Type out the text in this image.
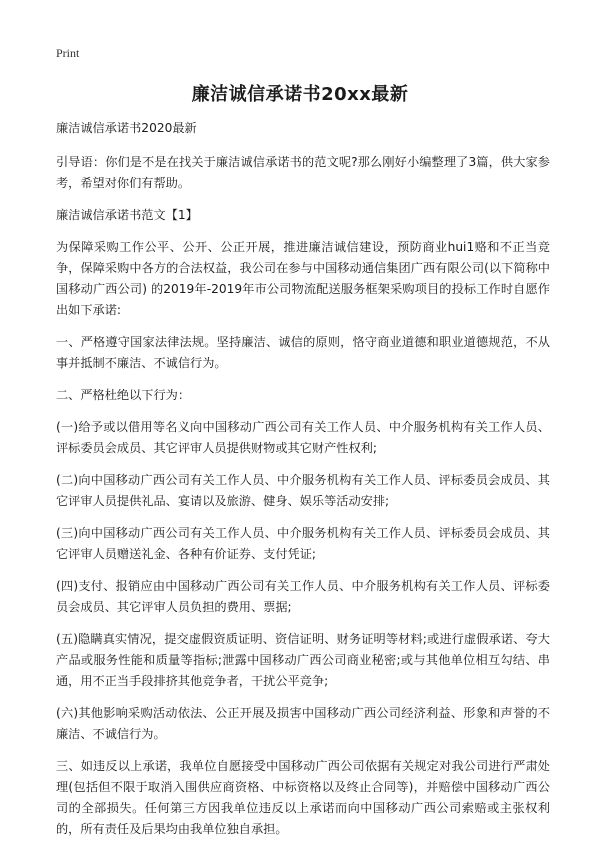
Print
廉洁诚信承诺书20xx最新

廉洁诚信承诺书2020最新

引导语：你们是不是在找关于廉洁诚信承诺书的范文呢?那么刚好小编整理了3篇，供大家参考，希望对你们有帮助。

廉洁诚信承诺书范文【1】

为保障采购工作公平、公开、公正开展，推进廉洁诚信建设，预防商业hui1赂和不正当竞争，保障采购中各方的合法权益，我公司在参与中国移动通信集团广西有限公司(以下简称中国移动广西公司) 的2019年-2019年市公司物流配送服务框架采购项目的投标工作时自愿作出如下承诺:

一、严格遵守国家法律法规。坚持廉洁、诚信的原则，恪守商业道德和职业道德规范，不从事并抵制不廉洁、不诚信行为。

二、严格杜绝以下行为：

(一)给予或以借用等名义向中国移动广西公司有关工作人员、中介服务机构有关工作人员、评标委员会成员、其它评审人员提供财物或其它财产性权利;

(二)向中国移动广西公司有关工作人员、中介服务机构有关工作人员、评标委员会成员、其它评审人员提供礼品、宴请以及旅游、健身、娱乐等活动安排;

(三)向中国移动广西公司有关工作人员、中介服务机构有关工作人员、评标委员会成员、其它评审人员赠送礼金、各种有价证券、支付凭证;

(四)支付、报销应由中国移动广西公司有关工作人员、中介服务机构有关工作人员、评标委员会成员、其它评审人员负担的费用、票据;

(五)隐瞒真实情况，提交虚假资质证明、资信证明、财务证明等材料;或进行虚假承诺、夸大产品或服务性能和质量等指标;泄露中国移动广西公司商业秘密;或与其他单位相互勾结、串通，用不正当手段排挤其他竞争者，干扰公平竞争;

(六)其他影响采购活动依法、公正开展及损害中国移动广西公司经济利益、形象和声誉的不廉洁、不诚信行为。

三、如违反以上承诺，我单位自愿接受中国移动广西公司依据有关规定对我公司进行严肃处理(包括但不限于取消入围供应商资格、中标资格以及终止合同等)，并赔偿中国移动广西公司的全部损失。任何第三方因我单位违反以上承诺而向中国移动广西公司索赔或主张权利的，所有责任及后果均由我单位独自承担。
